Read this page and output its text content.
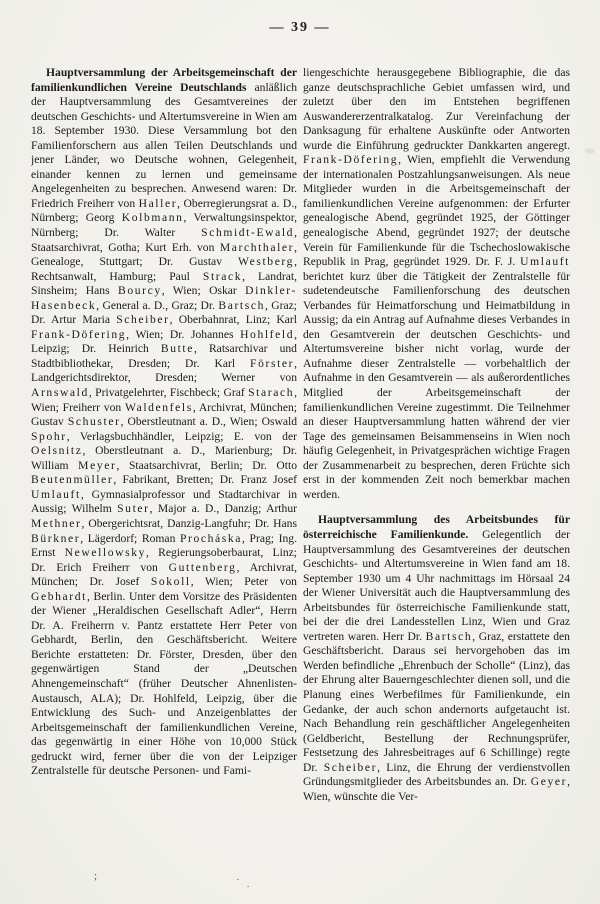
— 39 —

Hauptversammlung der Arbeitsgemeinschaft der familienkundlichen Vereine Deutschlands anläßlich der Hauptversammlung des Gesamtvereines der deutschen Geschichts- und Altertumsvereine in Wien am 18. September 1930. Diese Versammlung bot den Familienforschern aus allen Teilen Deutschlands und jener Länder, wo Deutsche wohnen, Gelegenheit, einander kennen zu lernen und gemeinsame Angelegenheiten zu besprechen. Anwesend waren: Dr. Friedrich Freiherr von Haller, Oberregierungsrat a. D., Nürnberg; Georg Kolbmann, Verwaltungsinspektor, Nürnberg; Dr. Walter Schmidt-Ewald, Staatsarchivrat, Gotha; Kurt Erh. von Marchthaler, Genealoge, Stuttgart; Dr. Gustav Westberg, Rechtsanwalt, Hamburg; Paul Strack, Landrat, Sinsheim; Hans Bourcy, Wien; Oskar Dinkler-Hasenbeck, General a. D., Graz; Dr. Bartsch, Graz; Dr. Artur Maria Scheiber, Oberbahnrat, Linz; Karl Frank-Döfering, Wien; Dr. Johannes Hohlfeld, Leipzig; Dr. Heinrich Butte, Ratsarchivar und Stadtbibliothekar, Dresden; Dr. Karl Förster, Landgerichtsdirektor, Dresden; Werner von Arnswald, Privatgelehrter, Fischbeck; Graf Starach, Wien; Freiherr von Waldenfels, Archivrat, München; Gustav Schuster, Oberstleutnant a. D., Wien; Oswald Spohr, Verlagsbuchhändler, Leipzig; E. von der Oelsnitz, Oberstleutnant a. D., Marienburg; Dr. William Meyer, Staatsarchivrat, Berlin; Dr. Otto Beutenmüller, Fabrikant, Bretten; Dr. Franz Josef Umlauft, Gymnasialprofessor und Stadtarchivar in Aussig; Wilhelm Suter, Major a. D., Danzig; Arthur Methner, Obergerichtsrat, Danzig-Langfuhr; Dr. Hans Bürkner, Lägerdorf; Roman Procháska, Prag; Ing. Ernst Newellowsky, Regierungsoberbaurat, Linz; Dr. Erich Freiherr von Guttenberg, Archivrat, München; Dr. Josef Sokoll, Wien; Peter von Gebhardt, Berlin. Unter dem Vorsitze des Präsidenten der Wiener „Heraldischen Gesellschaft Adler“, Herrn Dr. A. Freiherrn v. Pantz erstattete Herr Peter von Gebhardt, Berlin, den Geschäftsbericht. Weitere Berichte erstatteten: Dr. Förster, Dresden, über den gegenwärtigen Stand der „Deutschen Ahnengemeinschaft“ (früher Deutscher Ahnenlisten-Austausch, ALA); Dr. Hohlfeld, Leipzig, über die Entwicklung des Such- und Anzeigenblattes der Arbeitsgemeinschaft der familienkundlichen Vereine, das gegenwärtig in einer Höhe von 10,000 Stück gedruckt wird, ferner über die von der Leipziger Zentralstelle für deutsche Personen- und Fami-

liengeschichte herausgegebene Bibliographie, die das ganze deutschsprachliche Gebiet umfassen wird, und zuletzt über den im Entstehen begriffenen Auswandererzentralkatalog. Zur Vereinfachung der Danksagung für erhaltene Auskünfte oder Antworten wurde die Einführung gedruckter Dankkarten angeregt. Frank-Döfering, Wien, empfiehlt die Verwendung der internationalen Postzahlungsanweisungen. Als neue Mitglieder wurden in die Arbeitsgemeinschaft der familienkundlichen Vereine aufgenommen: der Erfurter genealogische Abend, gegründet 1925, der Göttinger genealogische Abend, gegründet 1927; der deutsche Verein für Familienkunde für die Tschechoslowakische Republik in Prag, gegründet 1929. Dr. F. J. Umlauft berichtet kurz über die Tätigkeit der Zentralstelle für sudetendeutsche Familienforschung des deutschen Verbandes für Heimatforschung und Heimatbildung in Aussig; da ein Antrag auf Aufnahme dieses Verbandes in den Gesamtverein der deutschen Geschichts- und Altertumsvereine bisher nicht vorlag, wurde der Aufnahme dieser Zentralstelle — vorbehaltlich der Aufnahme in den Gesamtverein — als außerordentliches Mitglied der Arbeitsgemeinschaft der familienkundlichen Vereine zugestimmt. Die Teilnehmer an dieser Hauptversammlung hatten während der vier Tage des gemeinsamen Beisammenseins in Wien noch häufig Gelegenheit, in Privatgesprächen wichtige Fragen der Zusammenarbeit zu besprechen, deren Früchte sich erst in der kommenden Zeit noch bemerkbar machen werden.

Hauptversammlung des Arbeitsbundes für österreichische Familienkunde. Gelegentlich der Hauptversammlung des Gesamtvereines der deutschen Geschichts- und Altertumsvereine in Wien fand am 18. September 1930 um 4 Uhr nachmittags im Hörsaal 24 der Wiener Universität auch die Hauptversammlung des Arbeitsbundes für österreichische Familienkunde statt, bei der die drei Landesstellen Linz, Wien und Graz vertreten waren. Herr Dr. Bartsch, Graz, erstattete den Geschäftsbericht. Daraus sei hervorgehoben das im Werden befindliche „Ehrenbuch der Scholle“ (Linz), das der Ehrung alter Bauerngeschlechter dienen soll, und die Planung eines Werbefilmes für Familienkunde, ein Gedanke, der auch schon andernorts aufgetaucht ist. Nach Behandlung rein geschäftlicher Angelegenheiten (Geldbericht, Bestellung der Rechnungsprüfer, Festsetzung des Jahresbeitrages auf 6 Schillinge) regte Dr. Scheiber, Linz, die Ehrung der verdienstvollen Gründungsmitglieder des Arbeitsbundes an. Dr. Geyer, Wien, wünschte die Ver-

;	·
·
